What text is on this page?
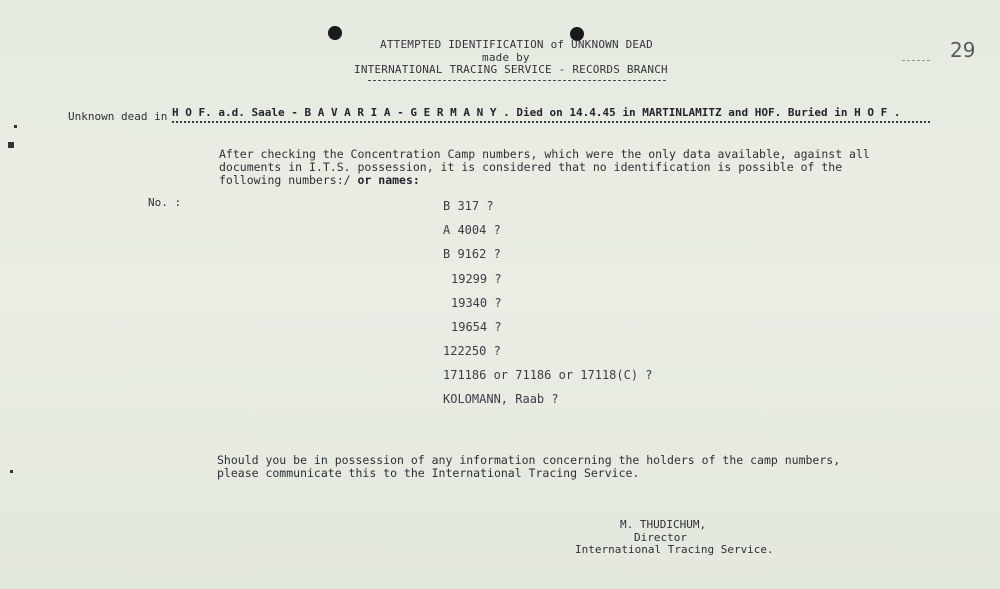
ATTEMPTED IDENTIFICATION of UNKNOWN DEAD
made by
INTERNATIONAL TRACING SERVICE - RECORDS BRANCH
29
Unknown dead in H O F. a.d. Saale - B A V A R I A - G E R M A N Y . Died on 14.4.45 in MARTINLAMITZ and HOF. Buried in H O F .
After checking the Concentration Camp numbers, which were the only data available, against all
documents in I.T.S. possession, it is considered that no identification is possible of the
following numbers:/ or names:
No. :	B 317 ?
A 4004 ?
B 9162 ?
19299 ?
19340 ?
19654 ?
122250 ?
171186 or 71186 or 17118(C) ?
KOLOMANN, Raab ?
Should you be in possession of any information concerning the holders of the camp numbers,
please communicate this to the International Tracing Service.
M. THUDICHUM,
Director
International Tracing Service.
